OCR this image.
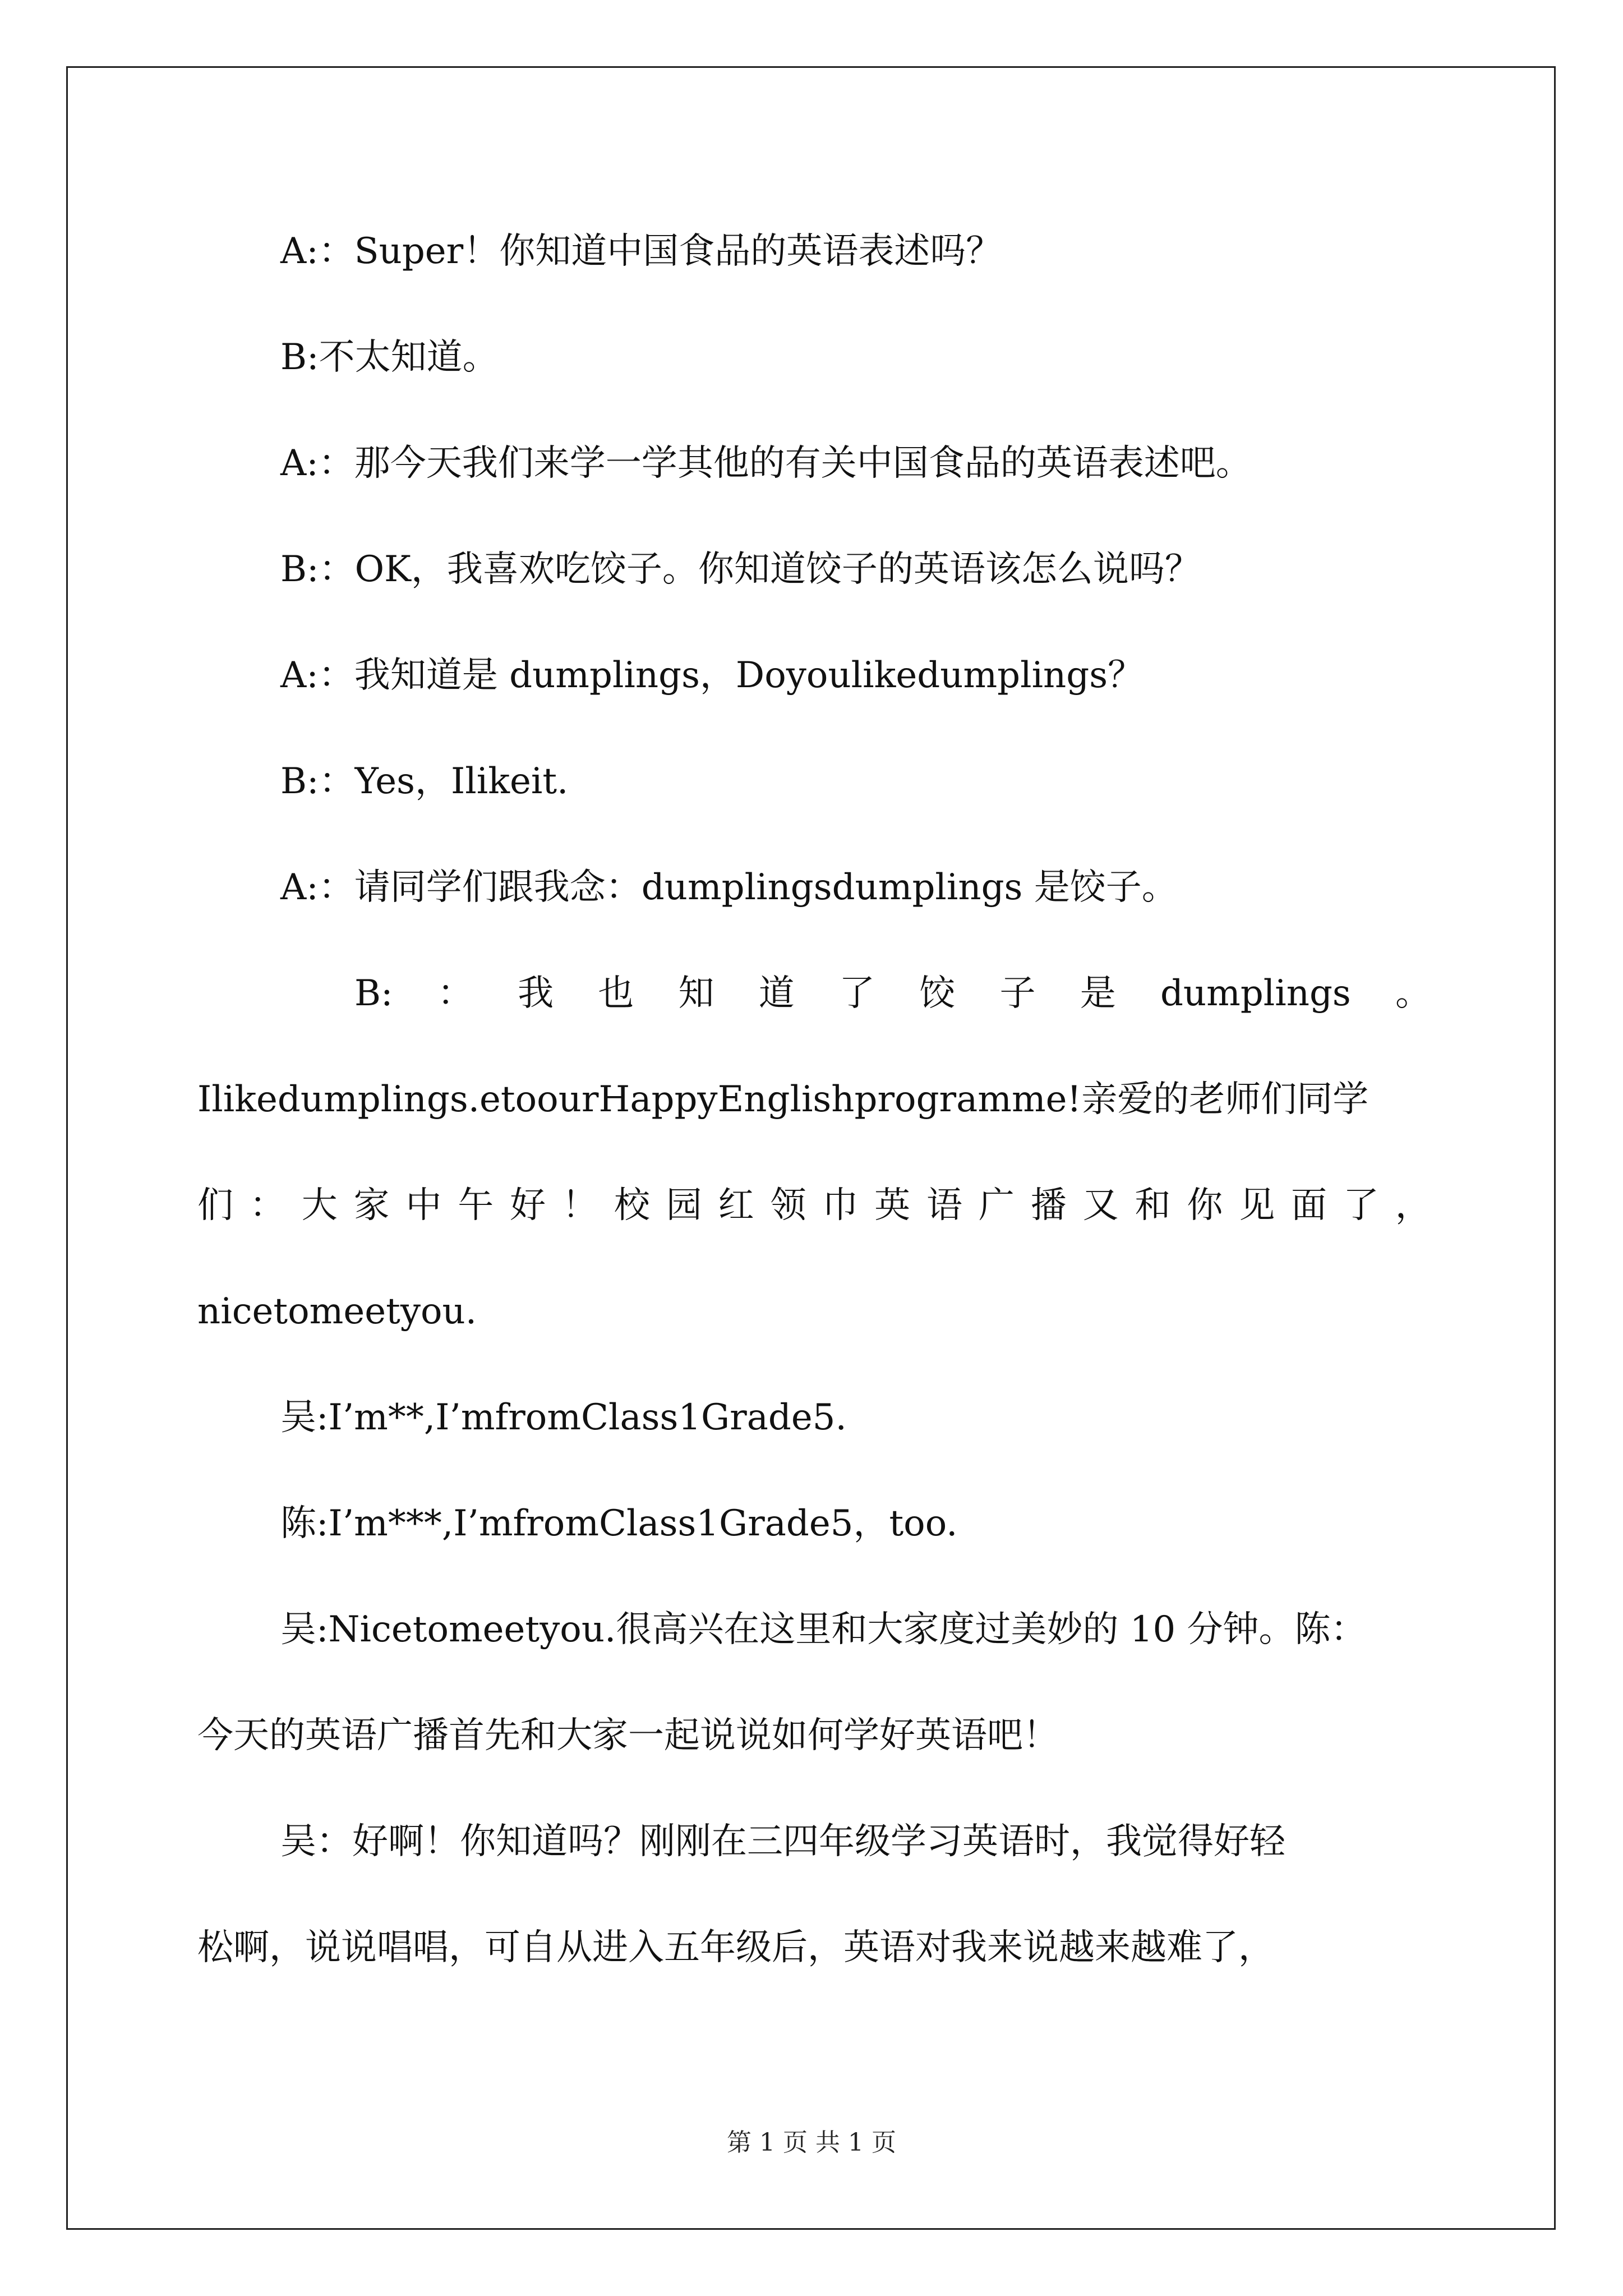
A:：Super！你知道中国食品的英语表述吗？
B:不太知道。
A:：那今天我们来学一学其他的有关中国食品的英语表述吧。
B:：OK，我喜欢吃饺子。你知道饺子的英语该怎么说吗？
A:：我知道是 dumplings，Doyoulikedumplings？
B:：Yes，Ilikeit.
A:：请同学们跟我念：dumplingsdumplings 是饺子。
B: ： 我 也 知 道 了 饺 子 是 dumplings 。
Ilikedumplings.etoourHappyEnglishprogramme!亲爱的老师们同学
们 ： 大 家 中 午 好 ！ 校 园 红 领 巾 英 语 广 播 又 和 你 见 面 了 ，
nicetomeetyou.
吴:I’m**,I’mfromClass1Grade5.
陈:I’m***,I’mfromClass1Grade5，too.
吴:Nicetomeetyou.很高兴在这里和大家度过美妙的 10 分钟。陈：
今天的英语广播首先和大家一起说说如何学好英语吧！
吴：好啊！你知道吗？刚刚在三四年级学习英语时，我觉得好轻
松啊，说说唱唱，可自从进入五年级后，英语对我来说越来越难了，
第 1 页 共 1 页
